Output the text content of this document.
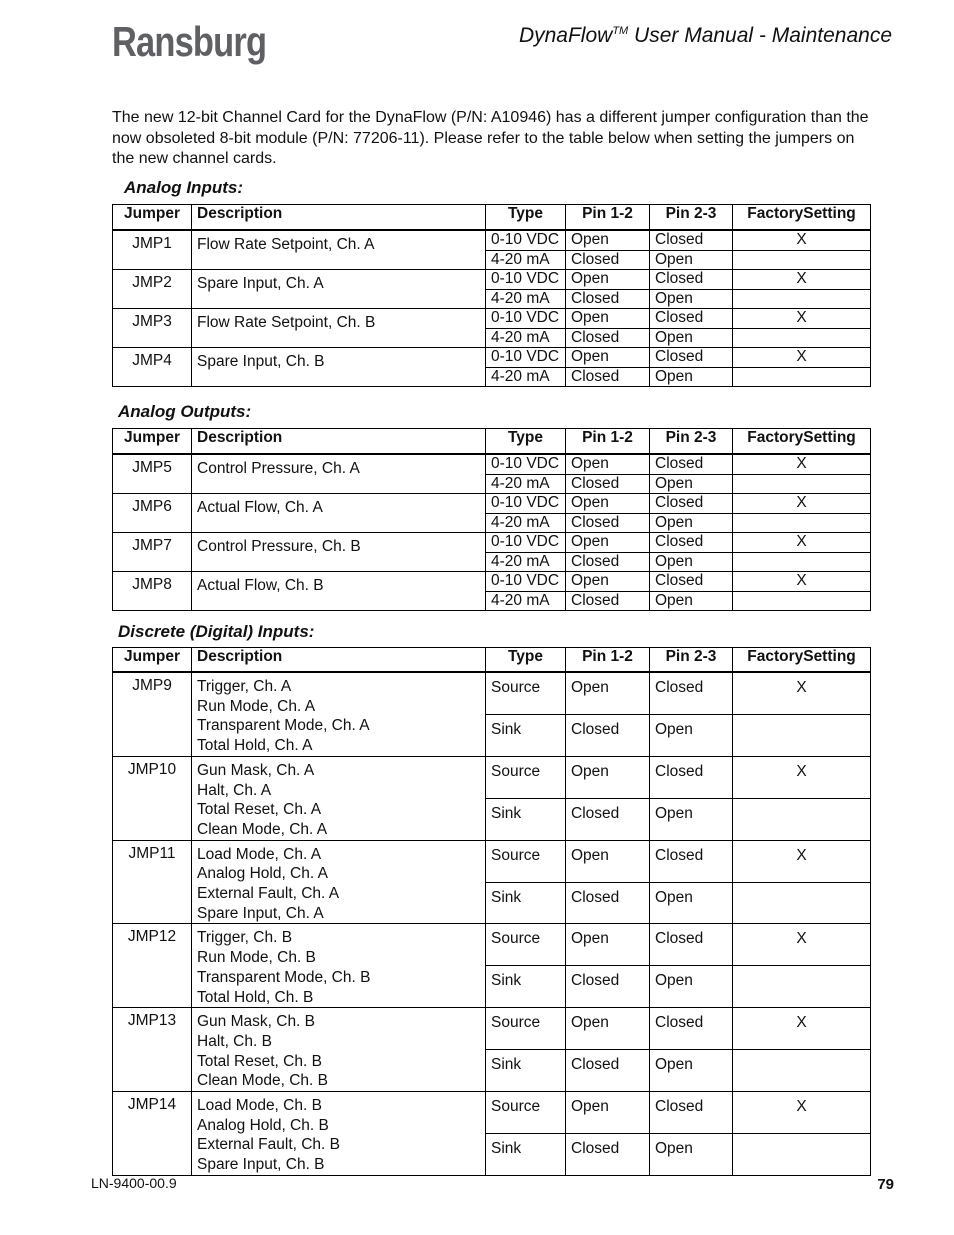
Ransburg	DynaFlow™ User Manual - Maintenance
The new 12-bit Channel Card for the DynaFlow (P/N: A10946) has a different jumper configuration than the now obsoleted 8-bit module (P/N: 77206-11). Please refer to the table below when setting the jumpers on the new channel cards.
Analog Inputs:
Jumper	Description	Type	Pin 1-2	Pin 2-3	FactorySetting
JMP1	Flow Rate Setpoint, Ch. A	0-10 VDC	Open	Closed	X
		4-20 mA	Closed	Open	
JMP2	Spare Input, Ch. A	0-10 VDC	Open	Closed	X
		4-20 mA	Closed	Open	
JMP3	Flow Rate Setpoint, Ch. B	0-10 VDC	Open	Closed	X
		4-20 mA	Closed	Open	
JMP4	Spare Input, Ch. B	0-10 VDC	Open	Closed	X
		4-20 mA	Closed	Open	
Analog Outputs:
Jumper	Description	Type	Pin 1-2	Pin 2-3	FactorySetting
JMP5	Control Pressure, Ch. A	0-10 VDC	Open	Closed	X
		4-20 mA	Closed	Open	
JMP6	Actual Flow, Ch. A	0-10 VDC	Open	Closed	X
		4-20 mA	Closed	Open	
JMP7	Control Pressure, Ch. B	0-10 VDC	Open	Closed	X
		4-20 mA	Closed	Open	
JMP8	Actual Flow, Ch. B	0-10 VDC	Open	Closed	X
		4-20 mA	Closed	Open	
Discrete (Digital) Inputs:
Jumper	Description	Type	Pin 1-2	Pin 2-3	FactorySetting
JMP9	Trigger, Ch. A
Run Mode, Ch. A
Transparent Mode, Ch. A
Total Hold, Ch. A	Source	Open	Closed	X
		Sink	Closed	Open	
JMP10	Gun Mask, Ch. A
Halt, Ch. A
Total Reset, Ch. A
Clean Mode, Ch. A	Source	Open	Closed	X
		Sink	Closed	Open	
JMP11	Load Mode, Ch. A
Analog Hold, Ch. A
External Fault, Ch. A
Spare Input, Ch. A	Source	Open	Closed	X
		Sink	Closed	Open	
JMP12	Trigger, Ch. B
Run Mode, Ch. B
Transparent Mode, Ch. B
Total Hold, Ch. B	Source	Open	Closed	X
		Sink	Closed	Open	
JMP13	Gun Mask, Ch. B
Halt, Ch. B
Total Reset, Ch. B
Clean Mode, Ch. B	Source	Open	Closed	X
		Sink	Closed	Open	
JMP14	Load Mode, Ch. B
Analog Hold, Ch. B
External Fault, Ch. B
Spare Input, Ch. B	Source	Open	Closed	X
		Sink	Closed	Open	
LN-9400-00.9	79
